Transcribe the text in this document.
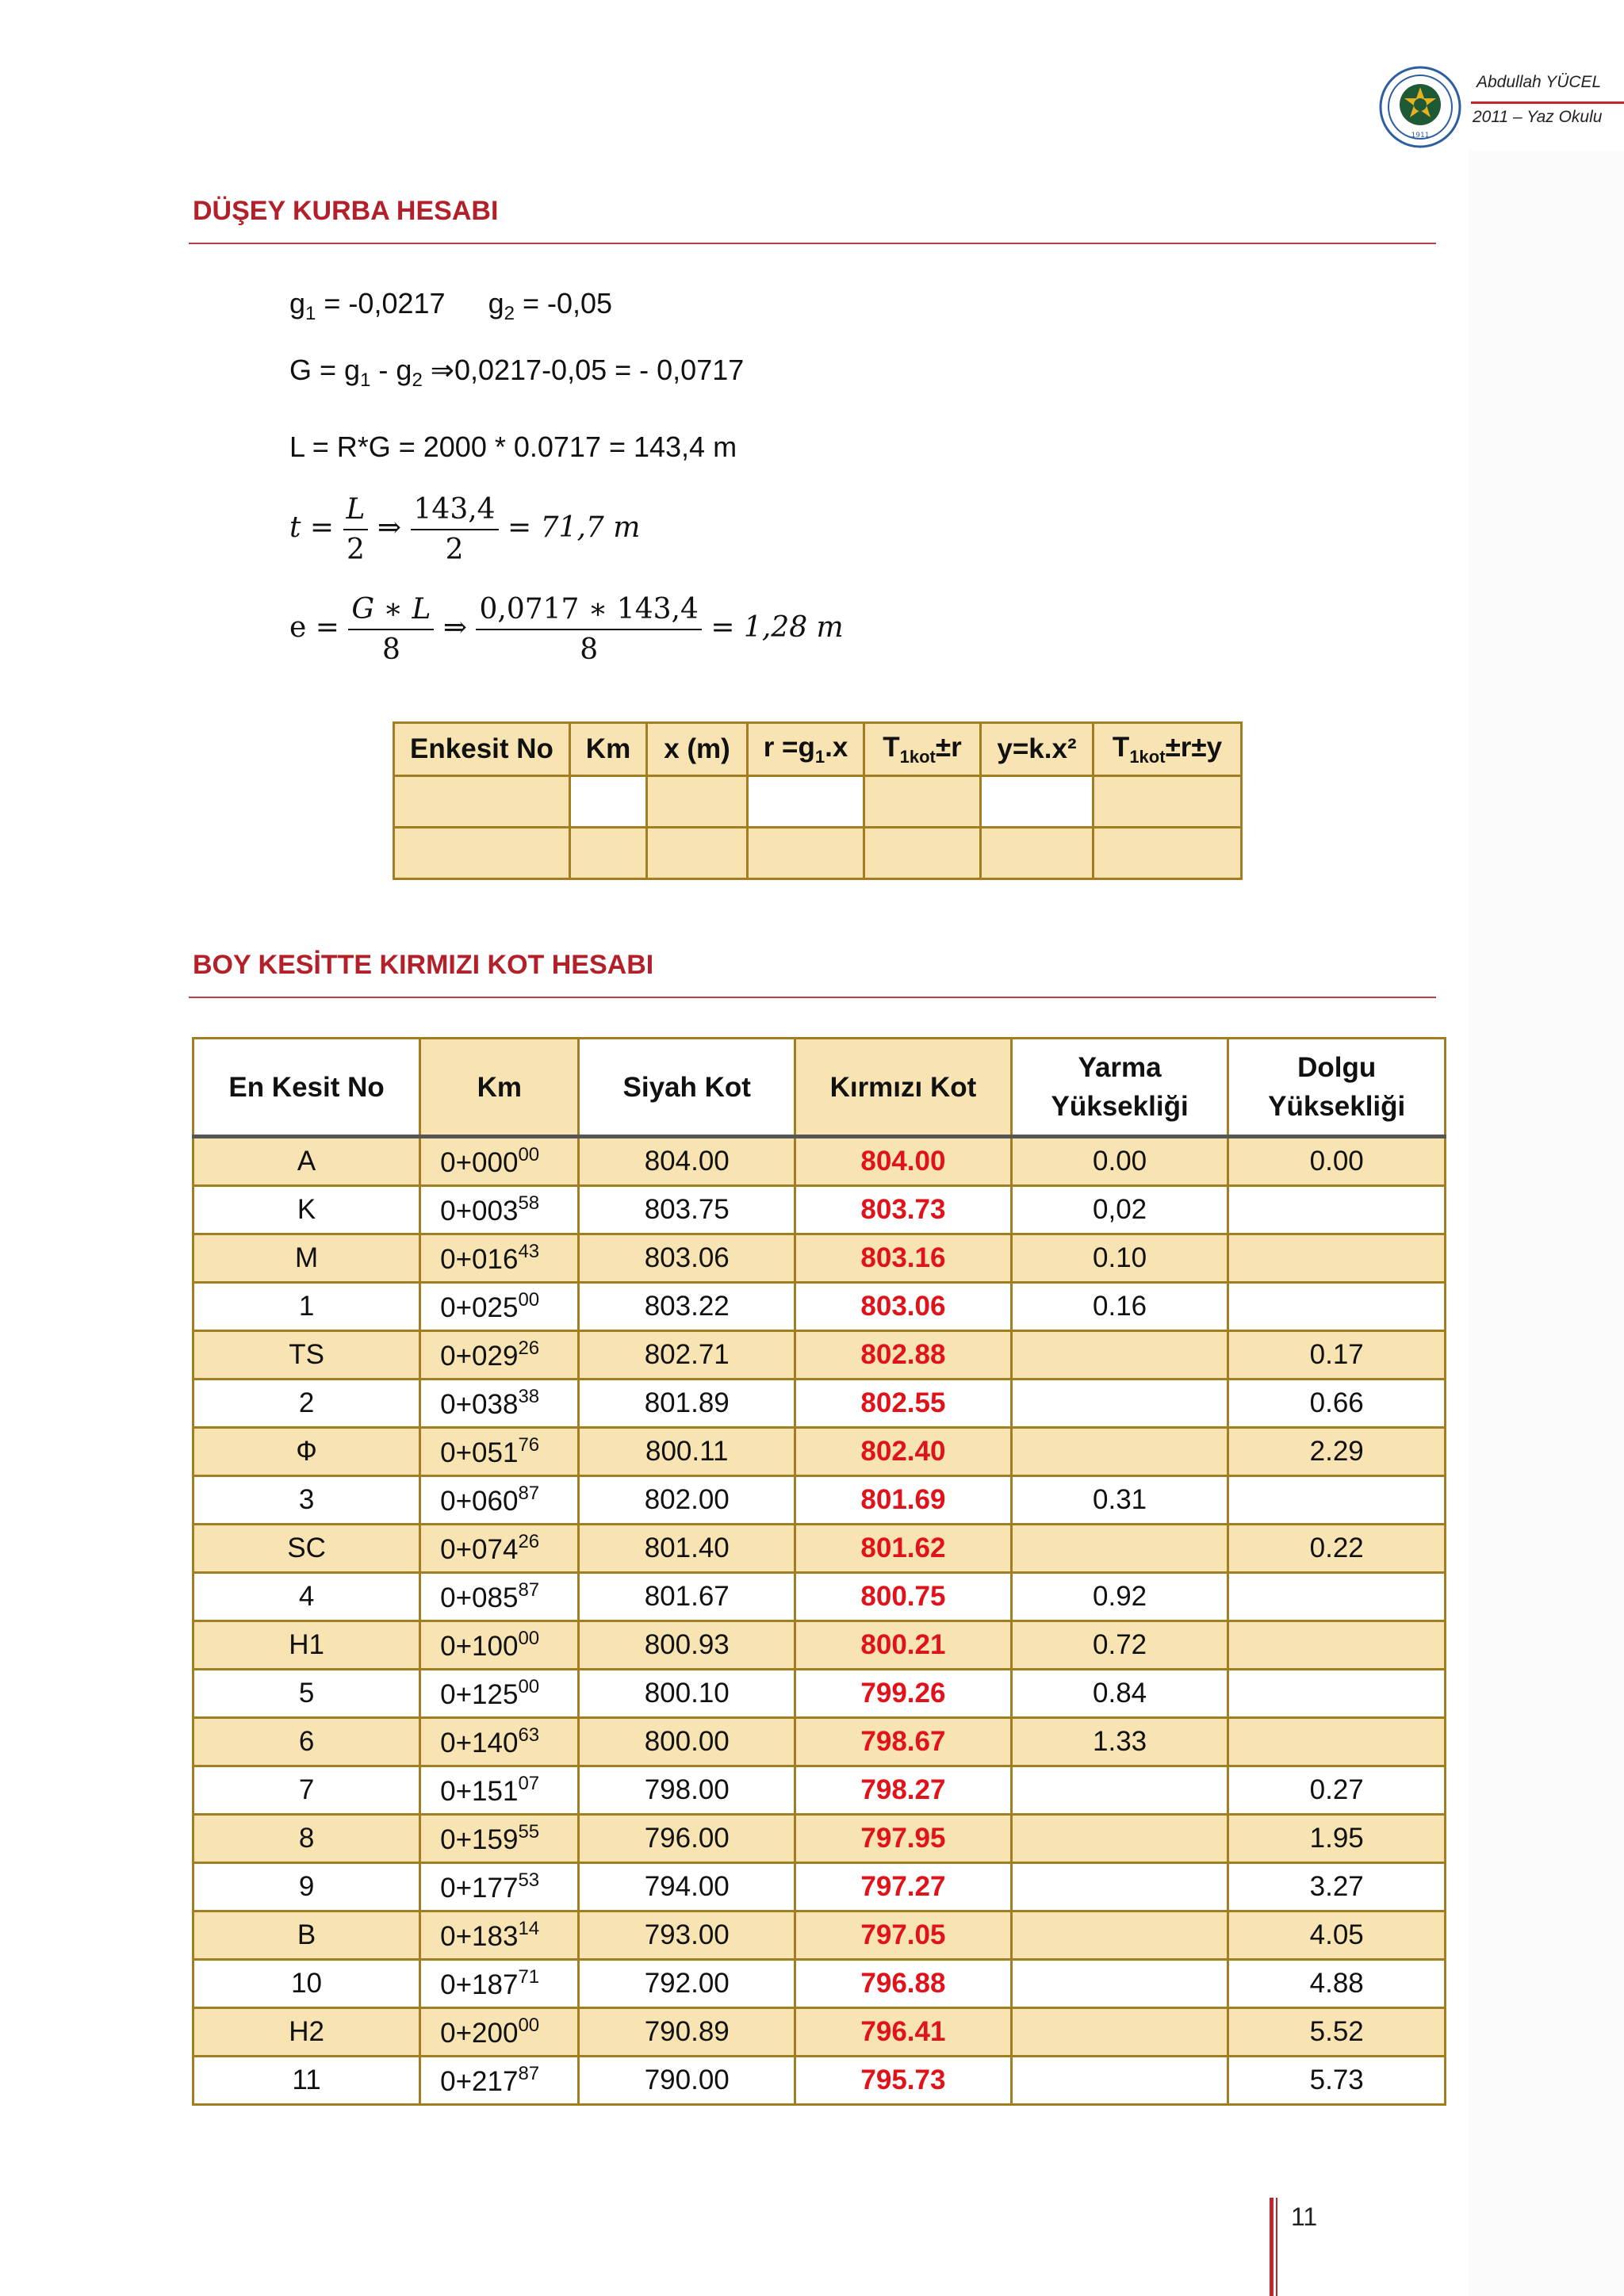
1911
Abdullah YÜCEL
2011 – Yaz Okulu
DÜŞEY KURBA HESABI
$g_1 = -0,0217$ $g_2 = -0,05$
$G = g_1 - g_2$ ⇒0,0217-0,05 = - 0,0717
L = R*G = 2000 * 0.0717 = 143,4 m
$t = \frac{L}{2}$ ⇒ $\frac{143,4}{2} = 71,7$ m
$e = \frac{G ∗ L}{8}$ ⇒ $\frac{0,0717 ∗ 143,4}{8} = 1,28$ m
Enkesit No	Km	x (m)	$r =g_1.x$	$T_{1kot}\pm r$	y=k.x²	$T_{1kot}\pm r\pm y$

BOY KESİTTE KIRMIZI KOT HESABI
En Kesit No	Km	Siyah Kot	Kırmızı Kot	Yarma
Yüksekliği	Dolgu
Yüksekliği
A	$0+000^{00}$	804.00	804.00	0.00	0.00
K	$0+003^{58}$	803.75	803.73	0,02	
M	$0+016^{43}$	803.06	803.16	0.10	
1	$0+025^{00}$	803.22	803.06	0.16	
TS	$0+029^{26}$	802.71	802.88		0.17
2	$0+038^{38}$	801.89	802.55		0.66
Ф	$0+051^{76}$	800.11	802.40		2.29
3	$0+060^{87}$	802.00	801.69	0.31	
SC	$0+074^{26}$	801.40	801.62		0.22
4	$0+085^{87}$	801.67	800.75	0.92	
H1	$0+100^{00}$	800.93	800.21	0.72	
5	$0+125^{00}$	800.10	799.26	0.84	
6	$0+140^{63}$	800.00	798.67	1.33	
7	$0+151^{07}$	798.00	798.27		0.27
8	$0+159^{55}$	796.00	797.95		1.95
9	$0+177^{53}$	794.00	797.27		3.27
B	$0+183^{14}$	793.00	797.05		4.05
10	$0+187^{71}$	792.00	796.88		4.88
H2	$0+200^{00}$	790.89	796.41		5.52
11	$0+217^{87}$	790.00	795.73		5.73
11
